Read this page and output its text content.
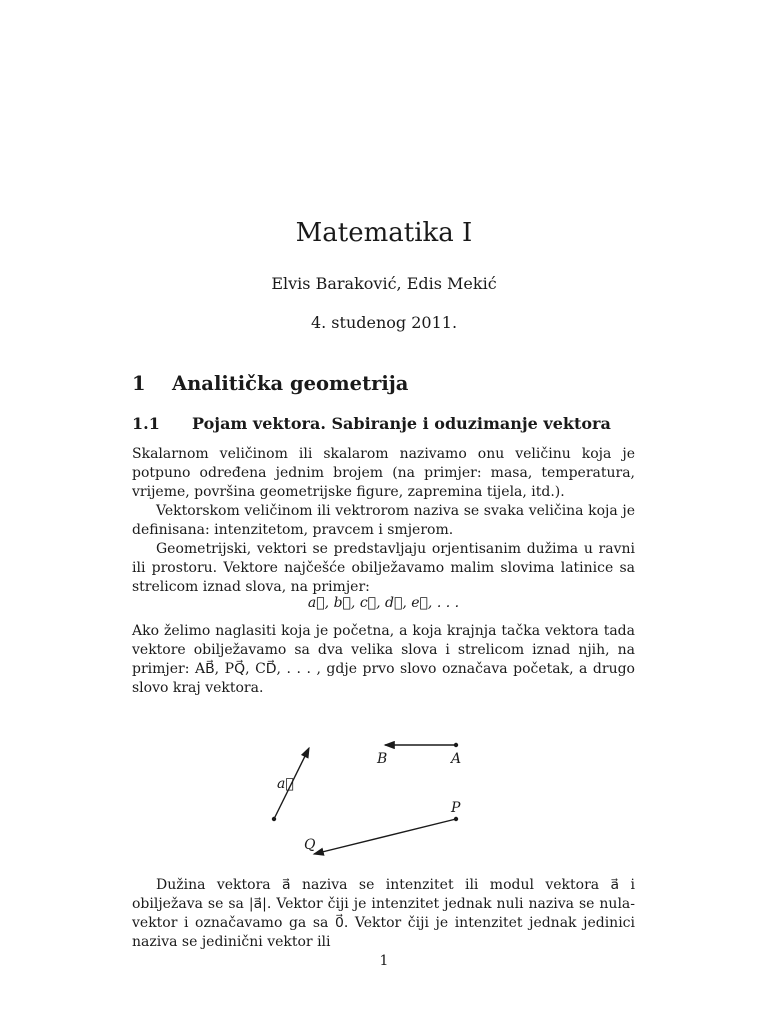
Matematika I
Elvis Baraković, Edis Mekić
4. studenog 2011.
1 Analitička geometrija
1.1 Pojam vektora. Sabiranje i oduzimanje vektora

Skalarnom veličinom ili skalarom nazivamo onu veličinu koja je potpuno određena jednim brojem (na primjer: masa, temperatura, vrijeme, površina geometrijske figure, zapremina tijela, itd.).

Vektorskom veličinom ili vektrorom naziva se svaka veličina koja je definisana: intenzitetom, pravcem i smjerom.

Geometrijski, vektori se predstavljaju orjentisanim dužima u ravni ili prostoru. Vektore najčešće obilježavamo malim slovima latinice sa strelicom iznad slova, na primjer:

a⃗, b⃗, c⃗, d⃗, e⃗, . . .

Ako želimo naglasiti koja je početna, a koja krajnja tačka vektora tada vektore obilježavamo sa dva velika slova i strelicom iznad njih, na primjer: AB⃗, PQ⃗, CD⃗, . . . , gdje prvo slovo označava početak, a drugo slovo kraj vektora.

a⃗
B	A
P
Q

Dužina vektora a⃗ naziva se intenzitet ili modul vektora a⃗ i obilježava se sa |a⃗|. Vektor čiji je intenzitet jednak nuli naziva se nula-vektor i označavamo ga sa 0⃗. Vektor čiji je intenzitet jednak jedinici naziva se jedinični vektor ili

1
